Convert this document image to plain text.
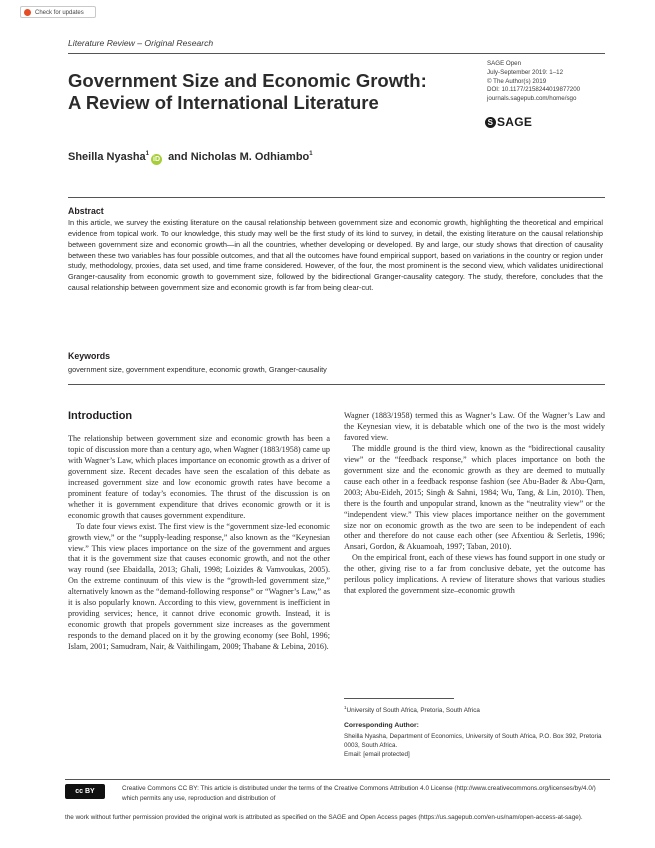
Check for updates
Literature Review – Original Research
Government Size and Economic Growth:
A Review of International Literature
SAGE Open
July-September 2019: 1–12
© The Author(s) 2019
DOI: 10.1177/2158244019877200
journals.sagepub.com/home/sgo
S SAGE
Sheilla Nyasha$^1$iD and Nicholas M. Odhiambo$^1$
Abstract
In this article, we survey the existing literature on the causal relationship between government size and economic growth, highlighting the theoretical and empirical evidence from topical work. To our knowledge, this study may well be the first study of its kind to survey, in detail, the existing literature on the causal relationship between government size and economic growth—in all the countries, whether developing or developed. By and large, our study shows that direction of causality between these two variables has four possible outcomes, and that all the outcomes have found empirical support, based on variations in the country or region under study, methodology, proxies, data set used, and time frame considered. However, of the four, the most prominent is the second view, which validates unidirectional Granger-causality from economic growth to government size, followed by the bidirectional Granger-causality category. The study, therefore, concludes that the causal relationship between government size and economic growth is far from being clear-cut.
Keywords
government size, government expenditure, economic growth, Granger-causality
Introduction

The relationship between government size and economic growth has been a topic of discussion more than a century ago, when Wagner (1883/1958) came up with Wagner’s Law, which places importance on economic growth as a driver of government size. Recent decades have seen the escalation of this debate as increased government size and low economic growth rates have become a prominent feature of today’s economies. The thrust of the discussion is on whether it is government expenditure that drives economic growth or it is economic growth that causes government expenditure.

To date four views exist. The first view is the “government size-led economic growth view,” or the “supply-leading response,” also known as the “Keynesian view.” This view places importance on the size of the government and argues that it is the government size that causes economic growth, and not the other way round (see Ebaidalla, 2013; Ghali, 1998; Loizides & Vamvoukas, 2005). On the extreme continuum of this view is the “growth-led government size,” alternatively known as the “demand-following response” or “Wagner’s Law,” as it is also popularly known. According to this view, government is inefficient in providing services; hence, it cannot drive economic growth. Instead, it is economic growth that propels government size increases as the government responds to the demand placed on it by the growing economy (see Bohl, 1996; Islam, 2001; Samudram, Nair, & Vaithilingam, 2009; Thabane & Lebina, 2016).

Wagner (1883/1958) termed this as Wagner’s Law. Of the Wagner’s Law and the Keynesian view, it is debatable which one of the two is the most widely favored view.

The middle ground is the third view, known as the “bidirectional causality view” or the “feedback response,” which places importance on both the government size and the economic growth as they are deemed to mutually cause each other in a feedback response fashion (see Abu-Bader & Abu-Qarn, 2003; Abu-Eideh, 2015; Singh & Sahni, 1984; Wu, Tang, & Lin, 2010). Then, there is the fourth and unpopular strand, known as the “neutrality view” or the “independent view.” This view places importance neither on the government size nor on economic growth as the two are seen to be independent of each other and therefore do not cause each other (see Afxentiou & Serletis, 1996; Ansari, Gordon, & Akuamoah, 1997; Taban, 2010).

On the empirical front, each of these views has found support in one study or the other, giving rise to a far from conclusive debate, yet the outcome has perilous policy implications. A review of literature shows that various studies that explored the government size–economic growth

$^1$University of South Africa, Pretoria, South Africa
Corresponding Author:
Sheilla Nyasha, Department of Economics, University of South Africa, P.O. Box 392, Pretoria 0003, South Africa.
Email: [email protected]
cc BY	Creative Commons CC BY: This article is distributed under the terms of the Creative Commons Attribution 4.0 License (http://www.creativecommons.org/licenses/by/4.0/) which permits any use, reproduction and distribution of
the work without further permission provided the original work is attributed as specified on the SAGE and Open Access pages (https://us.sagepub.com/en-us/nam/open-access-at-sage).
